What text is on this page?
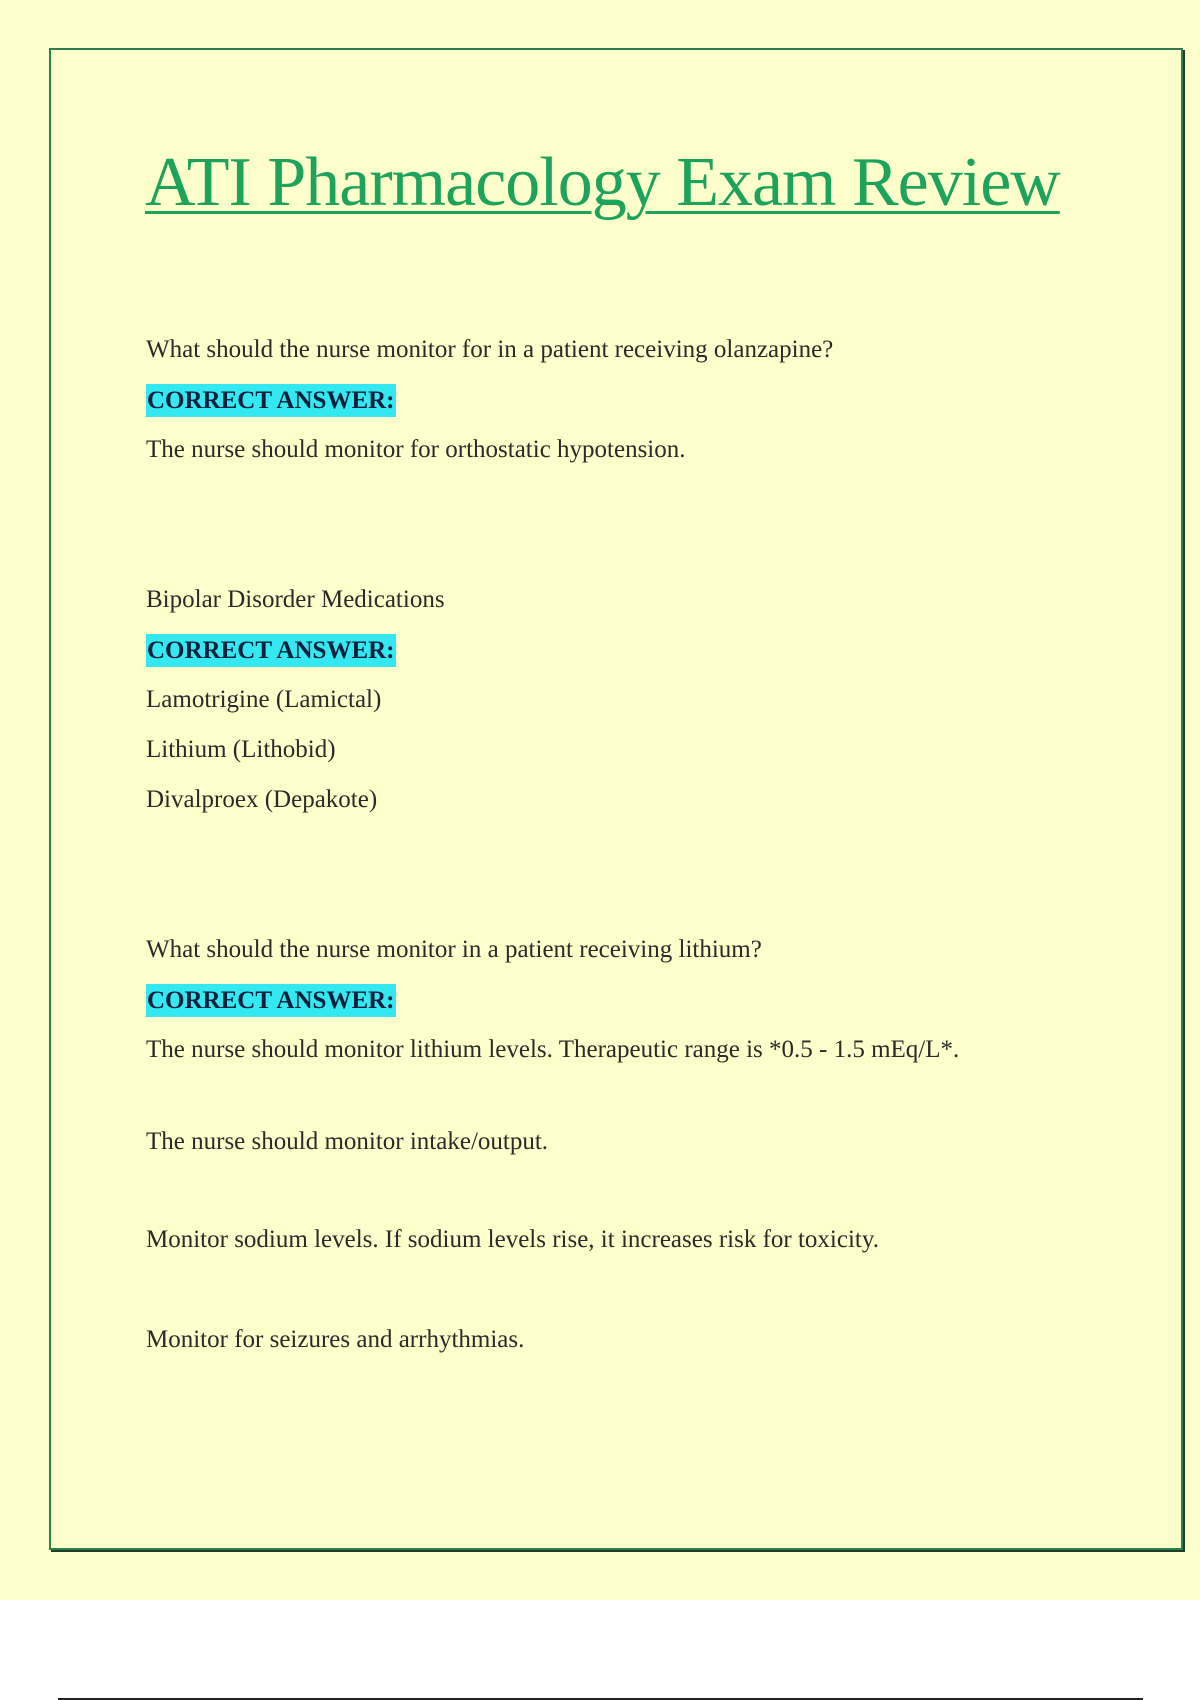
ATI Pharmacology Exam Review

What should the nurse monitor for in a patient receiving olanzapine?

CORRECT ANSWER:

The nurse should monitor for orthostatic hypotension.

Bipolar Disorder Medications

CORRECT ANSWER:

Lamotrigine (Lamictal)

Lithium (Lithobid)

Divalproex (Depakote)

What should the nurse monitor in a patient receiving lithium?

CORRECT ANSWER:

The nurse should monitor lithium levels. Therapeutic range is *0.5 - 1.5 mEq/L*.

The nurse should monitor intake/output.

Monitor sodium levels. If sodium levels rise, it increases risk for toxicity.

Monitor for seizures and arrhythmias.
